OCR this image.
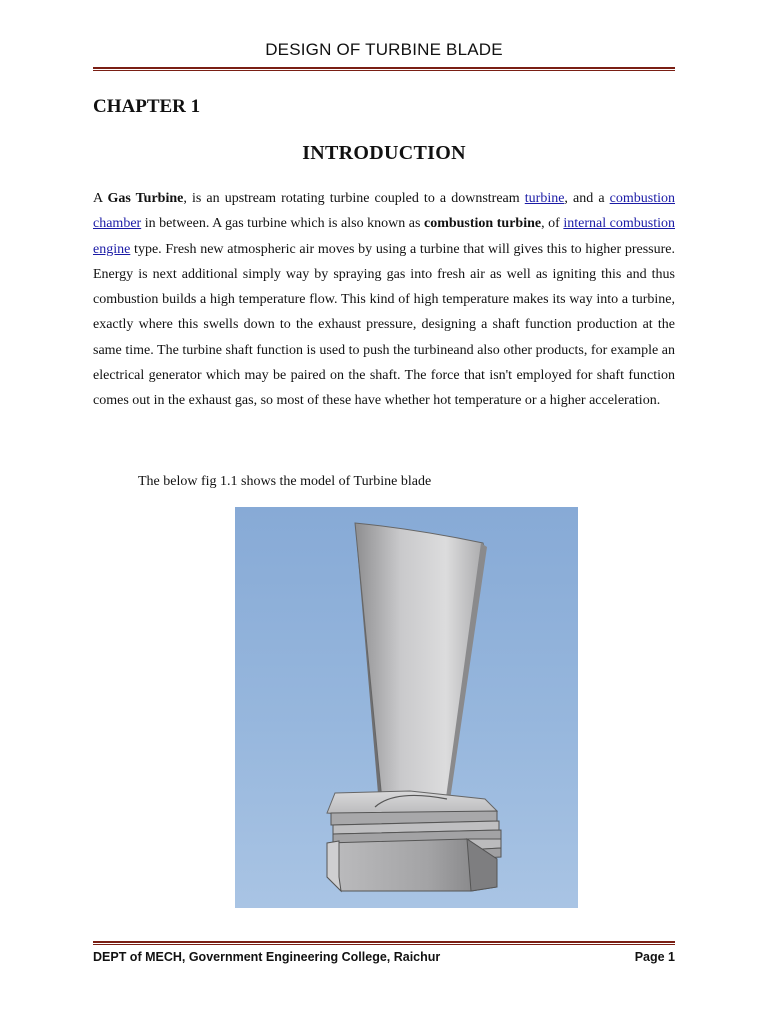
DESIGN OF TURBINE BLADE
CHAPTER 1
INTRODUCTION
A Gas Turbine, is an upstream rotating turbine coupled to a downstream turbine, and a combustion chamber in between. A gas turbine which is also known as combustion turbine, of internal combustion engine type. Fresh new atmospheric air moves by using a turbine that will gives this to higher pressure. Energy is next additional simply way by spraying gas into fresh air as well as igniting this and thus combustion builds a high temperature flow. This kind of high temperature makes its way into a turbine, exactly where this swells down to the exhaust pressure, designing a shaft function production at the same time. The turbine shaft function is used to push the turbineand also other products, for example an electrical generator which may be paired on the shaft. The force that isn't employed for shaft function comes out in the exhaust gas, so most of these have whether hot temperature or a higher acceleration.
The below fig 1.1 shows the model of Turbine blade
DEPT of MECH, Government Engineering College, Raichur	Page 1
